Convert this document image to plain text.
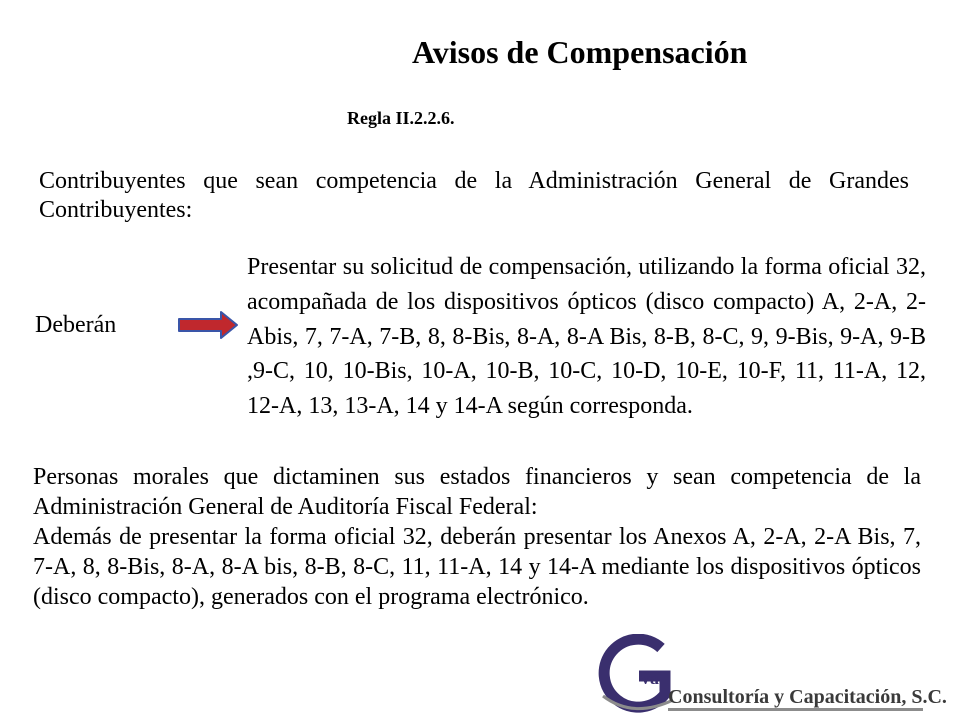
Avisos de Compensación
Regla II.2.2.6.
Contribuyentes que sean competencia de la Administración General de Grandes Contribuyentes:
Deberán
Presentar su solicitud de compensación, utilizando la forma oficial 32, acompañada de los dispositivos ópticos (disco compacto) A, 2-A, 2-Abis, 7, 7-A, 7-B, 8, 8-Bis, 8-A, 8-A Bis, 8-B, 8-C, 9, 9-Bis, 9-A, 9-B ,9-C, 10, 10-Bis, 10-A, 10-B, 10-C, 10-D, 10-E, 10-F, 11, 11-A, 12, 12-A, 13, 13-A, 14 y 14-A según corresponda.
Personas morales que dictaminen sus estados financieros y sean competencia de la Administración General de Auditoría Fiscal Federal:
Además de presentar la forma oficial 32, deberán presentar los Anexos A, 2-A, 2-A Bis, 7, 7-A, 8, 8-Bis, 8-A, 8-A bis, 8-B, 8-C, 11, 11-A, 14 y 14-A mediante los dispositivos ópticos (disco compacto), generados con el programa electrónico.
va
Consultoría y Capacitación, S.C.
